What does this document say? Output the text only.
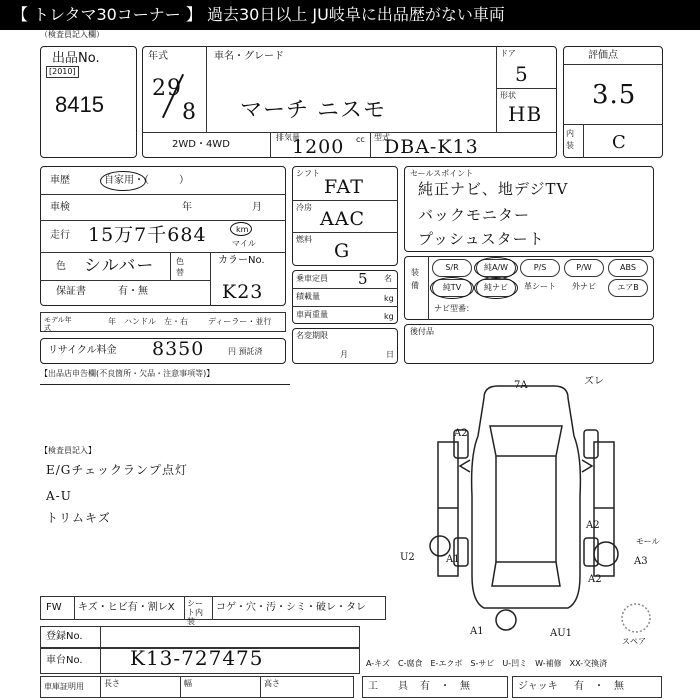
【 トレタマ30コーナー 】 過去30日以上 JU岐阜に出品歴がない車両
（検査員記入欄）
出品No.
[2010]
8415
年式
29
8
車名・グレード
マーチ ニスモ
ドア
5
形状
HB
2WD・4WD
排気量
1200 cc 型式
DBA-K13
評価点
3.5
内装 C
車歴	自家用・（　　　）
車検	年	月
走行 15万7千684	km
マイル
色 シルバー	色替
カラーNo.
K23
保証書	有・無
モデル年式
年 ハンドル　左・右	ディーラー・並行
シフト
FAT
冷房
AAC
燃料
G
乗車定員 5 名
積載量	kg
車両重量	kg
名変期限
月	日
リサイクル料金 8350	円 預託済
セールスポイント
純正ナビ、地デジTV
バックモニター
プッシュスタート
装備
S/R	純A/W	P/S	P/W	ABS
純TV	純ナビ	革シート	外ナビ	エアB
ナビ型番：
後付品
【出品店申告欄(不良箇所・欠品・注意事項等)】
【検査員記入】
E/Gチェックランプ点灯
A-U
トリムキズ
7A	ズレ
A2
A2
モール
A3
A2
U2	A1
A1	AU1
スペア
FW キズ・ヒビ有・割レX シート内装
コゲ・穴・汚・シミ・破レ・タレ
登録No.
車台No. K13-727475	A-キズ　C-腐食　E-エクボ　S-サビ　U-凹ミ　W-補修　XX-交換済
車庫証明用	長さ	幅	高さ	工　　具 有　・　無	ジャッキ 有　・　無
